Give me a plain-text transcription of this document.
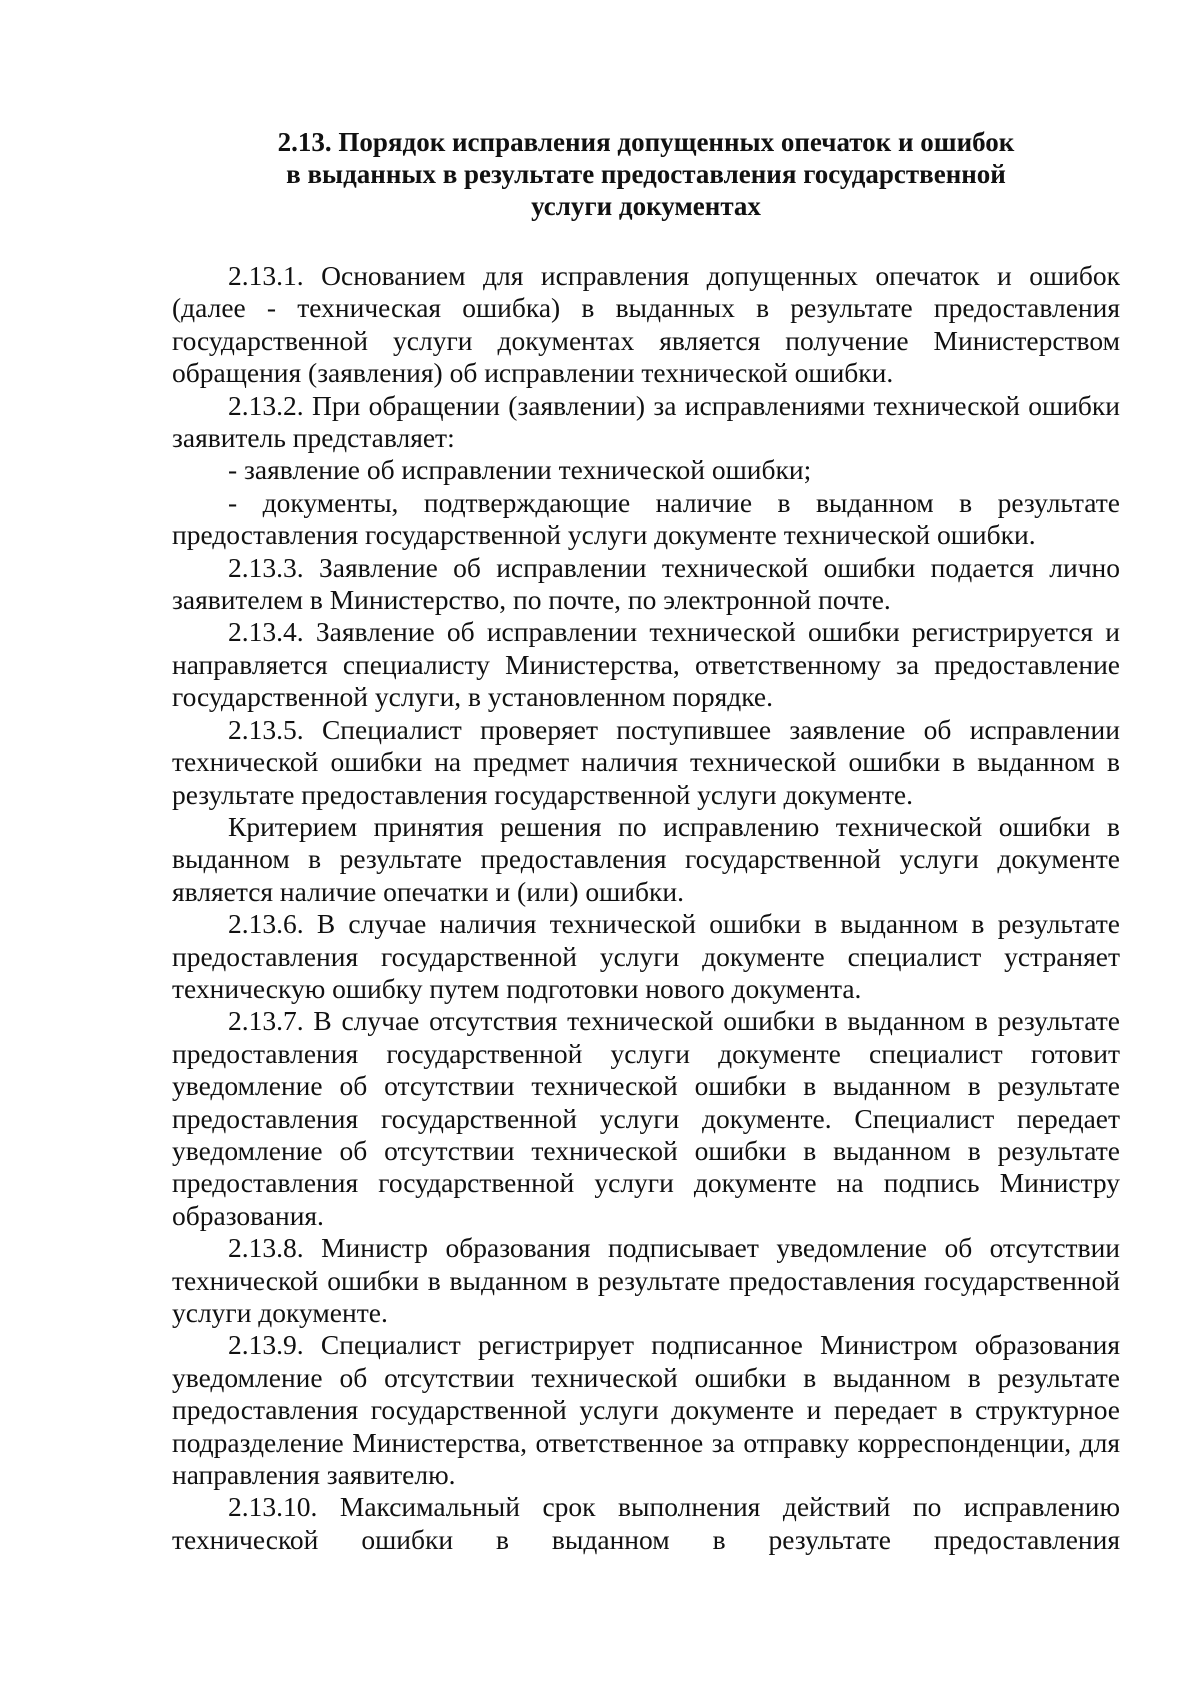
2.13. Порядок исправления допущенных опечаток и ошибок
в выданных в результате предоставления государственной
услуги документах

2.13.1. Основанием для исправления допущенных опечаток и ошибок (далее - техническая ошибка) в выданных в результате предоставления государственной услуги документах является получение Министерством обращения (заявления) об исправлении технической ошибки.

2.13.2. При обращении (заявлении) за исправлениями технической ошибки заявитель представляет:

- заявление об исправлении технической ошибки;

- документы, подтверждающие наличие в выданном в результате предоставления государственной услуги документе технической ошибки.

2.13.3. Заявление об исправлении технической ошибки подается лично заявителем в Министерство, по почте, по электронной почте.

2.13.4. Заявление об исправлении технической ошибки регистрируется и направляется специалисту Министерства, ответственному за предоставление государственной услуги, в установленном порядке.

2.13.5. Специалист проверяет поступившее заявление об исправлении технической ошибки на предмет наличия технической ошибки в выданном в результате предоставления государственной услуги документе.

Критерием принятия решения по исправлению технической ошибки в выданном в результате предоставления государственной услуги документе является наличие опечатки и (или) ошибки.

2.13.6. В случае наличия технической ошибки в выданном в результате предоставления государственной услуги документе специалист устраняет техническую ошибку путем подготовки нового документа.

2.13.7. В случае отсутствия технической ошибки в выданном в результате предоставления государственной услуги документе специалист готовит уведомление об отсутствии технической ошибки в выданном в результате предоставления государственной услуги документе. Специалист передает уведомление об отсутствии технической ошибки в выданном в результате предоставления государственной услуги документе на подпись Министру образования.

2.13.8. Министр образования подписывает уведомление об отсутствии технической ошибки в выданном в результате предоставления государственной услуги документе.

2.13.9. Специалист регистрирует подписанное Министром образования уведомление об отсутствии технической ошибки в выданном в результате предоставления государственной услуги документе и передает в структурное подразделение Министерства, ответственное за отправку корреспонденции, для направления заявителю.

2.13.10. Максимальный срок выполнения действий по исправлению технической ошибки в выданном в результате предоставления
